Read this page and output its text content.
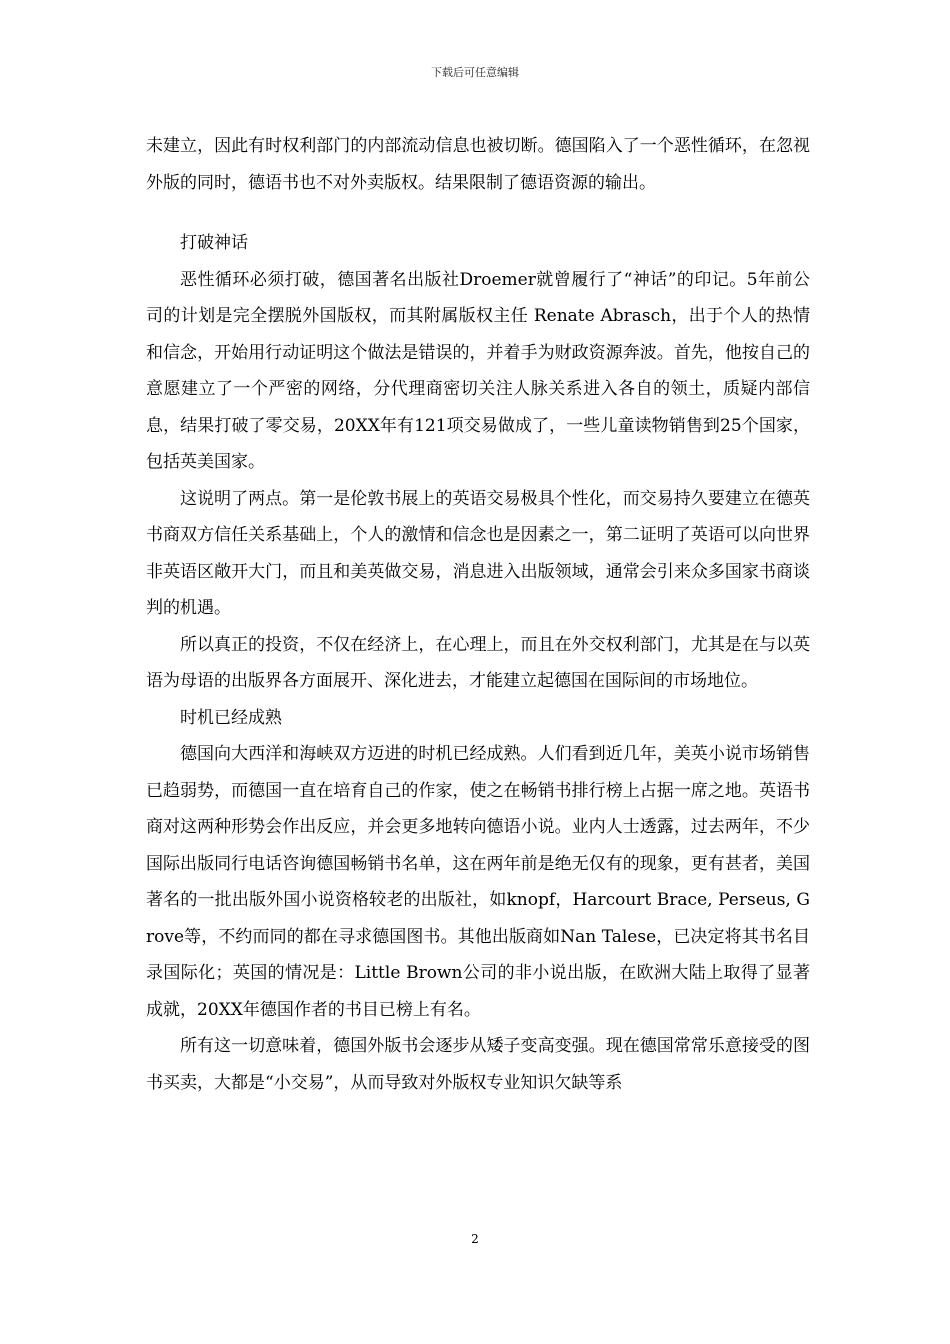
下载后可任意编辑

未建立，因此有时权利部门的内部流动信息也被切断。德国陷入了一个恶性循环，在忽视外版的同时，德语书也不对外卖版权。结果限制了德语资源的输出。

打破神话

恶性循环必须打破，德国著名出版社Droemer就曾履行了“神话”的印记。5年前公司的计划是完全摆脱外国版权，而其附属版权主任 Renate Abrasch，出于个人的热情和信念，开始用行动证明这个做法是错误的，并着手为财政资源奔波。首先，他按自己的意愿建立了一个严密的网络，分代理商密切关注人脉关系进入各自的领土，质疑内部信息，结果打破了零交易，20XX年有121项交易做成了，一些儿童读物销售到25个国家，包括英美国家。

这说明了两点。第一是伦敦书展上的英语交易极具个性化，而交易持久要建立在德英书商双方信任关系基础上，个人的激情和信念也是因素之一，第二证明了英语可以向世界非英语区敞开大门，而且和美英做交易，消息进入出版领域，通常会引来众多国家书商谈判的机遇。

所以真正的投资，不仅在经济上，在心理上，而且在外交权利部门，尤其是在与以英语为母语的出版界各方面展开、深化进去，才能建立起德国在国际间的市场地位。

时机已经成熟

德国向大西洋和海峡双方迈进的时机已经成熟。人们看到近几年，美英小说市场销售已趋弱势，而德国一直在培育自己的作家，使之在畅销书排行榜上占据一席之地。英语书商对这两种形势会作出反应，并会更多地转向德语小说。业内人士透露，过去两年，不少国际出版同行电话咨询德国畅销书名单，这在两年前是绝无仅有的现象，更有甚者，美国著名的一批出版外国小说资格较老的出版社，如knopf，Harcourt Brace, Perseus, Grove等，不约而同的都在寻求德国图书。其他出版商如Nan Talese，已决定将其书名目录国际化；英国的情况是：Little Brown公司的非小说出版，在欧洲大陆上取得了显著成就，20XX年德国作者的书目已榜上有名。

所有这一切意味着，德国外版书会逐步从矮子变高变强。现在德国常常乐意接受的图书买卖，大都是“小交易”，从而导致对外版权专业知识欠缺等系

2
